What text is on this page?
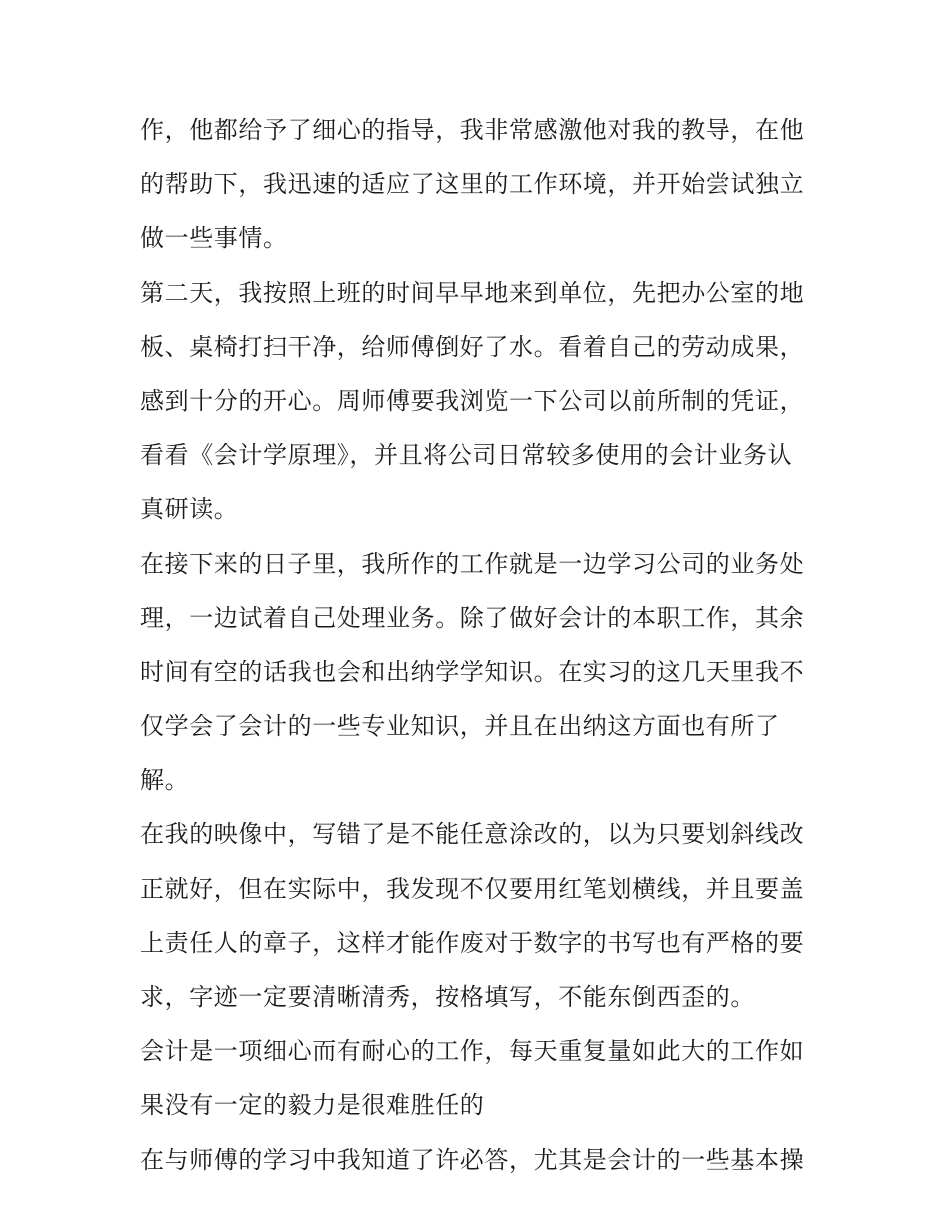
作，他都给予了细心的指导，我非常感激他对我的教导，在他
的帮助下，我迅速的适应了这里的工作环境，并开始尝试独立
做一些事情。
第二天，我按照上班的时间早早地来到单位，先把办公室的地
板、桌椅打扫干净，给师傅倒好了水。看着自己的劳动成果，
感到十分的开心。周师傅要我浏览一下公司以前所制的凭证，
看看《会计学原理》，并且将公司日常较多使用的会计业务认
真研读。
在接下来的日子里，我所作的工作就是一边学习公司的业务处
理，一边试着自己处理业务。除了做好会计的本职工作，其余
时间有空的话我也会和出纳学学知识。在实习的这几天里我不
仅学会了会计的一些专业知识，并且在出纳这方面也有所了
解。
在我的映像中，写错了是不能任意涂改的，以为只要划斜线改
正就好，但在实际中，我发现不仅要用红笔划横线，并且要盖
上责任人的章子，这样才能作废对于数字的书写也有严格的要
求，字迹一定要清晰清秀，按格填写，不能东倒西歪的。
会计是一项细心而有耐心的工作，每天重复量如此大的工作如
果没有一定的毅力是很难胜任的
在与师傅的学习中我知道了许必答，尤其是会计的一些基本操
